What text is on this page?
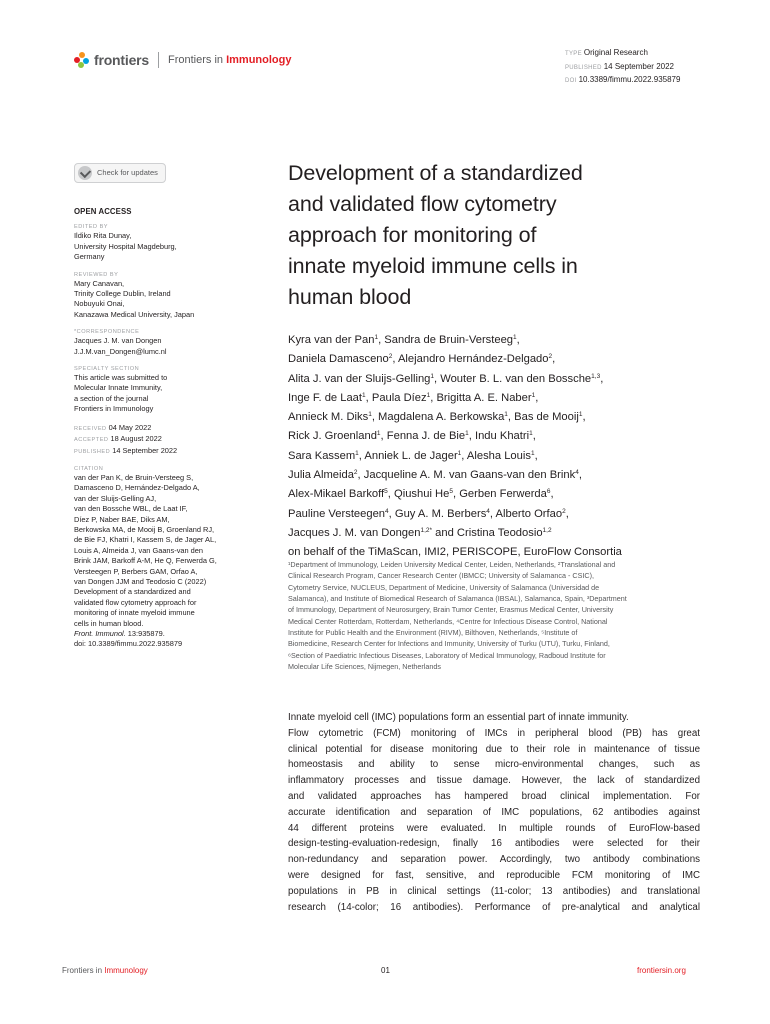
frontiers Frontiers in Immunology	TYPE Original Research
PUBLISHED 14 September 2022
DOI 10.3389/fimmu.2022.935879
Check for updates
OPEN ACCESS
EDITED BY
Ildiko Rita Dunay,
University Hospital Magdeburg,
Germany
REVIEWED BY
Mary Canavan,
Trinity College Dublin, Ireland
Nobuyuki Onai,
Kanazawa Medical University, Japan
*CORRESPONDENCE
Jacques J. M. van Dongen
J.J.M.van_Dongen@lumc.nl
SPECIALTY SECTION
This article was submitted to
Molecular Innate Immunity,
a section of the journal
Frontiers in Immunology
RECEIVED 04 May 2022
ACCEPTED 18 August 2022
PUBLISHED 14 September 2022
CITATION
van der Pan K, de Bruin-Versteeg S,
Damasceno D, Hernández-Delgado A,
van der Sluijs-Gelling AJ,
van den Bossche WBL, de Laat IF,
Díez P, Naber BAE, Diks AM,
Berkowska MA, de Mooij B, Groenland RJ,
de Bie FJ, Khatri I, Kassem S, de Jager AL,
Louis A, Almeida J, van Gaans-van den
Brink JAM, Barkoff A-M, He Q, Ferwerda G,
Versteegen P, Berbers GAM, Orfao A,
van Dongen JJM and Teodosio C (2022)
Development of a standardized and
validated flow cytometry approach for
monitoring of innate myeloid immune
cells in human blood.
Front. Immunol. 13:935879.
doi: 10.3389/fimmu.2022.935879
Development of a standardized
and validated flow cytometry
approach for monitoring of
innate myeloid immune cells in
human blood
Kyra van der Pan$^1$, Sandra de Bruin-Versteeg$^1$,
Daniela Damasceno$^2$, Alejandro Hernández-Delgado$^2$,
Alita J. van der Sluijs-Gelling$^1$, Wouter B. L. van den Bossche$^{1,3}$,
Inge F. de Laat$^1$, Paula Díez$^1$, Brigitta A. E. Naber$^1$,
Annieck M. Diks$^1$, Magdalena A. Berkowska$^1$, Bas de Mooij$^1$,
Rick J. Groenland$^1$, Fenna J. de Bie$^1$, Indu Khatri$^1$,
Sara Kassem$^1$, Anniek L. de Jager$^1$, Alesha Louis$^1$,
Julia Almeida$^2$, Jacqueline A. M. van Gaans-van den Brink$^4$,
Alex-Mikael Barkoff$^5$, Qiushui He$^5$, Gerben Ferwerda$^6$,
Pauline Versteegen$^4$, Guy A. M. Berbers$^4$, Alberto Orfao$^2$,
Jacques J. M. van Dongen$^{1,2*}$ and Cristina Teodosio$^{1,2}$
on behalf of the TiMaScan, IMI2, PERISCOPE, EuroFlow Consortia
¹Department of Immunology, Leiden University Medical Center, Leiden, Netherlands, ²Translational and
Clinical Research Program, Cancer Research Center (IBMCC; University of Salamanca - CSIC),
Cytometry Service, NUCLEUS, Department of Medicine, University of Salamanca (Universidad de
Salamanca), and Institute of Biomedical Research of Salamanca (IBSAL), Salamanca, Spain, ³Department
of Immunology, Department of Neurosurgery, Brain Tumor Center, Erasmus Medical Center, University
Medical Center Rotterdam, Rotterdam, Netherlands, ⁴Centre for Infectious Disease Control, National
Institute for Public Health and the Environment (RIVM), Bilthoven, Netherlands, ⁵Institute of
Biomedicine, Research Center for Infections and Immunity, University of Turku (UTU), Turku, Finland,
⁶Section of Paediatric Infectious Diseases, Laboratory of Medical Immunology, Radboud Institute for
Molecular Life Sciences, Nijmegen, Netherlands
Innate myeloid cell (IMC) populations form an essential part of innate immunity.
Flow cytometric (FCM) monitoring of IMCs in peripheral blood (PB) has great
clinical potential for disease monitoring due to their role in maintenance of tissue
homeostasis and ability to sense micro-environmental changes, such as
inflammatory processes and tissue damage. However, the lack of standardized
and validated approaches has hampered broad clinical implementation. For
accurate identification and separation of IMC populations, 62 antibodies against
44 different proteins were evaluated. In multiple rounds of EuroFlow-based
design-testing-evaluation-redesign, finally 16 antibodies were selected for their
non-redundancy and separation power. Accordingly, two antibody combinations
were designed for fast, sensitive, and reproducible FCM monitoring of IMC
populations in PB in clinical settings (11-color; 13 antibodies) and translational
research (14-color; 16 antibodies). Performance of pre-analytical and analytical
Frontiers in Immunology	01	frontiersin.org
